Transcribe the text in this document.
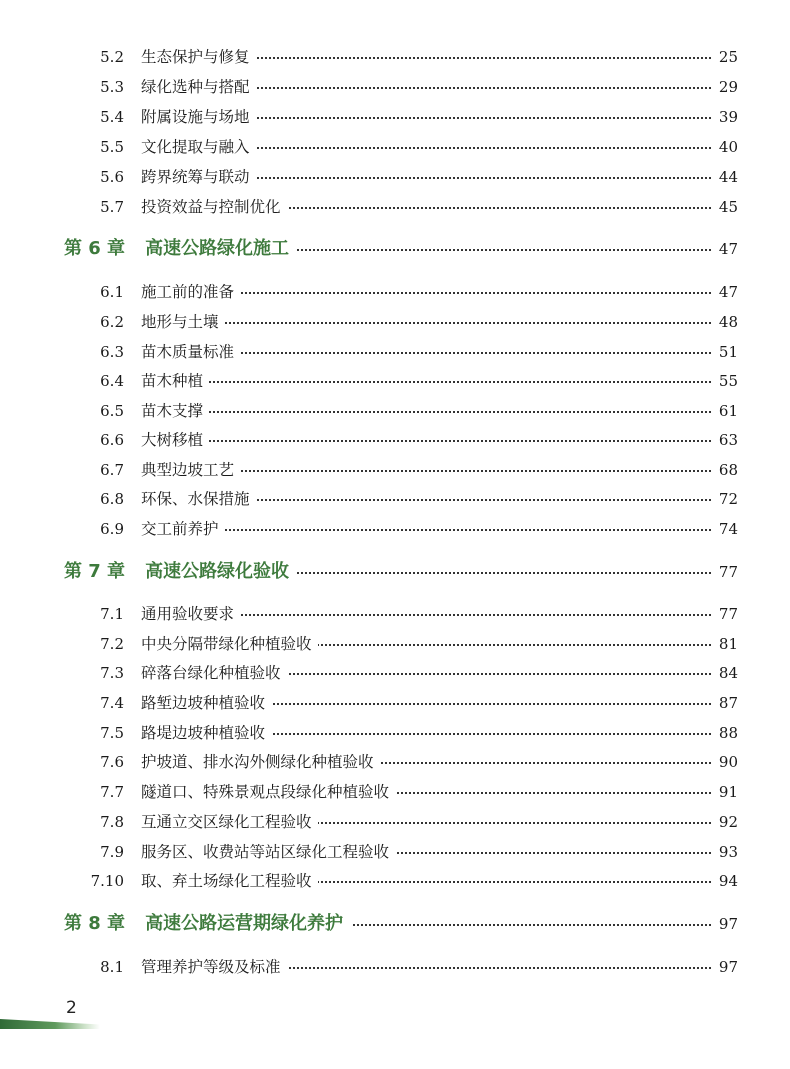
5.2 生态保护与修复	25
5.3 绿化选种与搭配	29
5.4 附属设施与场地	39
5.5 文化提取与融入	40
5.6 跨界统筹与联动	44
5.7 投资效益与控制优化	45
第 6 章 高速公路绿化施工	47
6.1 施工前的准备	47
6.2 地形与土壤	48
6.3 苗木质量标准	51
6.4 苗木种植	55
6.5 苗木支撑	61
6.6 大树移植	63
6.7 典型边坡工艺	68
6.8 环保、水保措施	72
6.9 交工前养护	74
第 7 章 高速公路绿化验收	77
7.1 通用验收要求	77
7.2 中央分隔带绿化种植验收	81
7.3 碎落台绿化种植验收	84
7.4 路堑边坡种植验收	87
7.5 路堤边坡种植验收	88
7.6 护坡道、排水沟外侧绿化种植验收	90
7.7 隧道口、特殊景观点段绿化种植验收	91
7.8 互通立交区绿化工程验收	92
7.9 服务区、收费站等站区绿化工程验收	93
7.10 取、弃土场绿化工程验收	94
第 8 章 高速公路运营期绿化养护	97
8.1 管理养护等级及标准	97
2
